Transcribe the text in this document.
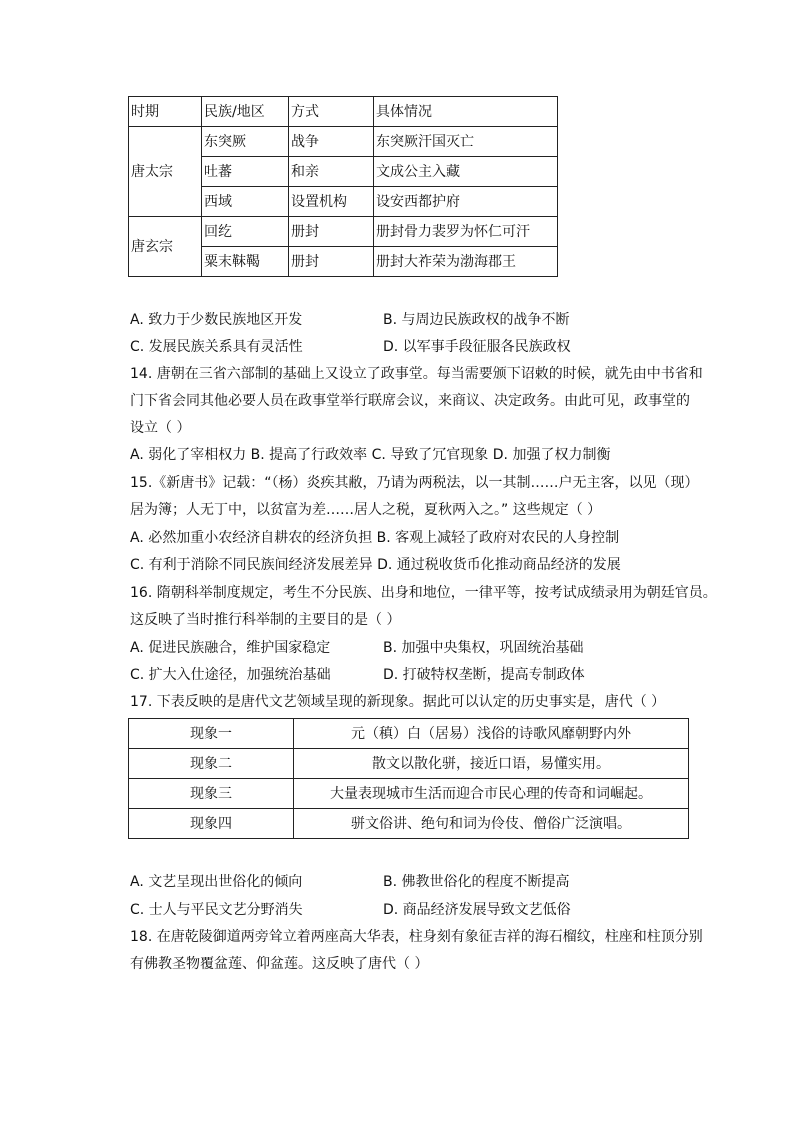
时期	民族/地区	方式	具体情况
唐太宗	东突厥	战争	东突厥汗国灭亡
	吐蕃	和亲	文成公主入藏
	西域	设置机构	设安西都护府
唐玄宗	回纥	册封	册封骨力裴罗为怀仁可汗
	粟末靺鞨	册封	册封大祚荣为渤海郡王
A. 致力于少数民族地区开发	B. 与周边民族政权的战争不断
C. 发展民族关系具有灵活性	D. 以军事手段征服各民族政权
14. 唐朝在三省六部制的基础上又设立了政事堂。每当需要颁下诏敕的时候，就先由中书省和
门下省会同其他必要人员在政事堂举行联席会议，来商议、决定政务。由此可见，政事堂的
设立（ ）
A. 弱化了宰相权力 B. 提高了行政效率 C. 导致了冗官现象 D. 加强了权力制衡
15.《新唐书》记载：“（杨）炎疾其敝，乃请为两税法，以一其制……户无主客，以见（现）
居为簿；人无丁中，以贫富为差……居人之税，夏秋两入之。” 这些规定（ ）
A. 必然加重小农经济自耕农的经济负担 B. 客观上减轻了政府对农民的人身控制
C. 有利于消除不同民族间经济发展差异 D. 通过税收货币化推动商品经济的发展
16. 隋朝科举制度规定，考生不分民族、出身和地位，一律平等，按考试成绩录用为朝廷官员。
这反映了当时推行科举制的主要目的是（ ）
A. 促进民族融合，维护国家稳定	B. 加强中央集权，巩固统治基础
C. 扩大入仕途径，加强统治基础	D. 打破特权垄断，提高专制政体
17. 下表反映的是唐代文艺领域呈现的新现象。据此可以认定的历史事实是，唐代（ ）
现象一	元（稹）白（居易）浅俗的诗歌风靡朝野内外
现象二	散文以散化骈，接近口语，易懂实用。
现象三	大量表现城市生活而迎合市民心理的传奇和词崛起。
现象四	骈文俗讲、绝句和词为伶伎、僧俗广泛演唱。
A. 文艺呈现出世俗化的倾向	B. 佛教世俗化的程度不断提高
C. 士人与平民文艺分野消失	D. 商品经济发展导致文艺低俗
18. 在唐乾陵御道两旁耸立着两座高大华表，柱身刻有象征吉祥的海石榴纹，柱座和柱顶分别
有佛教圣物覆盆莲、仰盆莲。这反映了唐代（ ）
